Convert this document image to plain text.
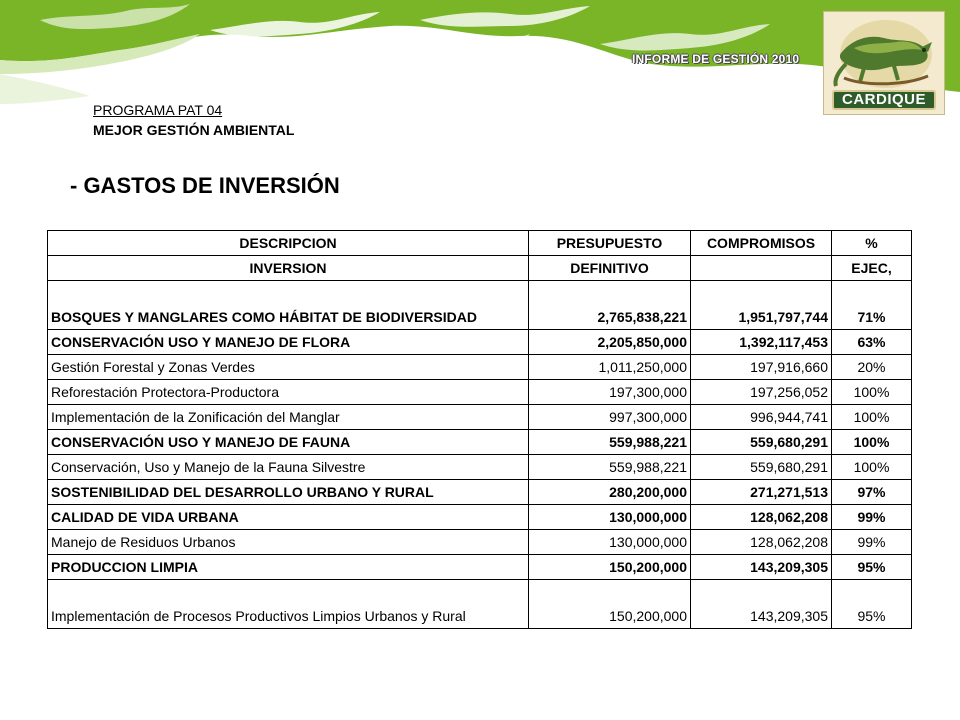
INFORME DE GESTIÓN 2010
CARDIQUE
PROGRAMA PAT 04
MEJOR GESTIÓN AMBIENTAL
- GASTOS DE INVERSIÓN
DESCRIPCION	PRESUPUESTO	COMPROMISOS	%
INVERSION	DEFINITIVO		EJEC,
BOSQUES Y MANGLARES COMO HÁBITAT DE BIODIVERSIDAD	2,765,838,221	1,951,797,744	71%
CONSERVACIÓN USO Y MANEJO DE FLORA	2,205,850,000	1,392,117,453	63%
Gestión Forestal y Zonas Verdes	1,011,250,000	197,916,660	20%
Reforestación Protectora-Productora	197,300,000	197,256,052	100%
Implementación de la Zonificación del Manglar	997,300,000	996,944,741	100%
CONSERVACIÓN USO Y MANEJO DE FAUNA	559,988,221	559,680,291	100%
Conservación, Uso y Manejo de la Fauna Silvestre	559,988,221	559,680,291	100%
SOSTENIBILIDAD DEL DESARROLLO URBANO Y RURAL	280,200,000	271,271,513	97%
CALIDAD DE VIDA URBANA	130,000,000	128,062,208	99%
Manejo de Residuos Urbanos	130,000,000	128,062,208	99%
PRODUCCION LIMPIA	150,200,000	143,209,305	95%
Implementación de Procesos Productivos Limpios Urbanos y Rural	150,200,000	143,209,305	95%
